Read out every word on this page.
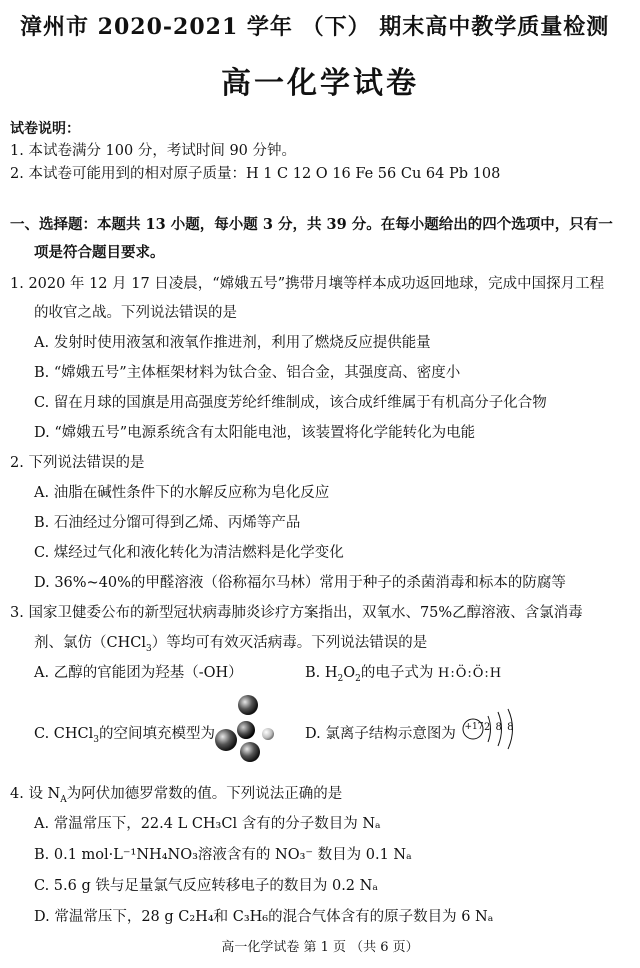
漳州市 2020-2021 学年 （下） 期末高中教学质量检测
高一化学试卷
试卷说明：
1. 本试卷满分 100 分，考试时间 90 分钟。
2. 本试卷可能用到的相对原子质量：H 1 C 12 O 16 Fe 56 Cu 64 Pb 108
一、选择题：本题共 13 小题，每小题 3 分，共 39 分。在每小题给出的四个选项中，只有一
项是符合题目要求。
1. 2020 年 12 月 17 日凌晨，“嫦娥五号”携带月壤等样本成功返回地球，完成中国探月工程
的收官之战。下列说法错误的是
A. 发射时使用液氢和液氧作推进剂，利用了燃烧反应提供能量
B. “嫦娥五号”主体框架材料为钛合金、铝合金，其强度高、密度小
C. 留在月球的国旗是用高强度芳纶纤维制成，该合成纤维属于有机高分子化合物
D. “嫦娥五号”电源系统含有太阳能电池，该装置将化学能转化为电能
2. 下列说法错误的是
A. 油脂在碱性条件下的水解反应称为皂化反应
B. 石油经过分馏可得到乙烯、丙烯等产品
C. 煤经过气化和液化转化为清洁燃料是化学变化
D. 36%~40%的甲醛溶液（俗称福尔马林）常用于种子的杀菌消毒和标本的防腐等
3. 国家卫健委公布的新型冠状病毒肺炎诊疗方案指出，双氧水、75%乙醇溶液、含氯消毒
剂、氯仿（CHCl$_3$）等均可有效灭活病毒。下列说法错误的是
A. 乙醇的官能团为羟基（-OH）	B. $H_2O_2$的电子式为 H:Ö:Ö:H
C. CHCl$_3$的空间填充模型为	D. 氯离子结构示意图为 +17 2 8 8
4. 设 $N_A$为阿伏加德罗常数的值。下列说法正确的是
A. 常温常压下，22.4 L CH₃Cl 含有的分子数目为 Nₐ
B. 0.1 mol·L⁻¹NH₄NO₃溶液含有的 NO₃⁻ 数目为 0.1 Nₐ
C. 5.6 g 铁与足量氯气反应转移电子的数目为 0.2 Nₐ
D. 常温常压下，28 g C₂H₄和 C₃H₆的混合气体含有的原子数目为 6 Nₐ
高一化学试卷 第 1 页 （共 6 页）
